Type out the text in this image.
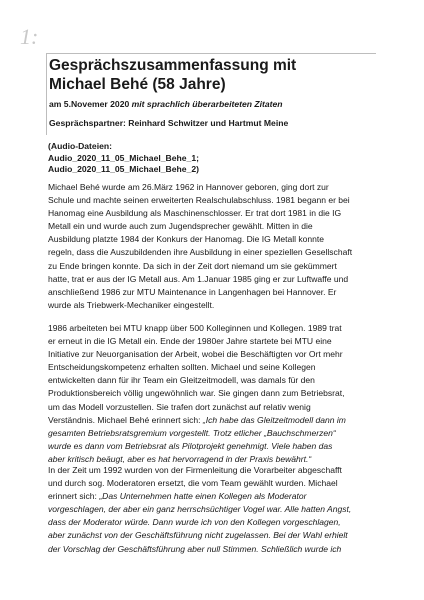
1:
Gesprächszusammenfassung mit
Michael Behé (58 Jahre)
am 5.Novemer 2020 mit sprachlich überarbeiteten Zitaten
Gesprächspartner: Reinhard Schwitzer und Hartmut Meine
(Audio-Dateien:
Audio_2020_11_05_Michael_Behe_1;
Audio_2020_11_05_Michael_Behe_2)
Michael Behé wurde am 26.März 1962 in Hannover geboren, ging dort zur
Schule und machte seinen erweiterten Realschulabschluss. 1981 begann er bei
Hanomag eine Ausbildung als Maschinenschlosser. Er trat dort 1981 in die IG
Metall ein und wurde auch zum Jugendsprecher gewählt. Mitten in die
Ausbildung platzte 1984 der Konkurs der Hanomag. Die IG Metall konnte
regeln, dass die Auszubildenden ihre Ausbildung in einer speziellen Gesellschaft
zu Ende bringen konnte. Da sich in der Zeit dort niemand um sie gekümmert
hatte, trat er aus der IG Metall aus. Am 1.Januar 1985 ging er zur Luftwaffe und
anschließend 1986 zur MTU Maintenance in Langenhagen bei Hannover. Er
wurde als Triebwerk-Mechaniker eingestellt.
1986 arbeiteten bei MTU knapp über 500 Kolleginnen und Kollegen. 1989 trat
er erneut in die IG Metall ein. Ende der 1980er Jahre startete bei MTU eine
Initiative zur Neuorganisation der Arbeit, wobei die Beschäftigten vor Ort mehr
Entscheidungskompetenz erhalten sollten. Michael und seine Kollegen
entwickelten dann für ihr Team ein Gleitzeitmodell, was damals für den
Produktionsbereich völlig ungewöhnlich war. Sie gingen dann zum Betriebsrat,
um das Modell vorzustellen. Sie trafen dort zunächst auf relativ wenig
Verständnis. Michael Behé erinnert sich: „Ich habe das Gleitzeitmodell dann im
gesamten Betriebsratsgremium vorgestellt. Trotz etlicher „Bauchschmerzen“
wurde es dann vom Betriebsrat als Pilotprojekt genehmigt. Viele haben das
aber kritisch beäugt, aber es hat hervorragend in der Praxis bewährt.“
In der Zeit um 1992 wurden von der Firmenleitung die Vorarbeiter abgeschafft
und durch sog. Moderatoren ersetzt, die vom Team gewählt wurden. Michael
erinnert sich: „Das Unternehmen hatte einen Kollegen als Moderator
vorgeschlagen, der aber ein ganz herrschsüchtiger Vogel war. Alle hatten Angst,
dass der Moderator würde. Dann wurde ich von den Kollegen vorgeschlagen,
aber zunächst von der Geschäftsführung nicht zugelassen. Bei der Wahl erhielt
der Vorschlag der Geschäftsführung aber null Stimmen. Schließlich wurde ich
